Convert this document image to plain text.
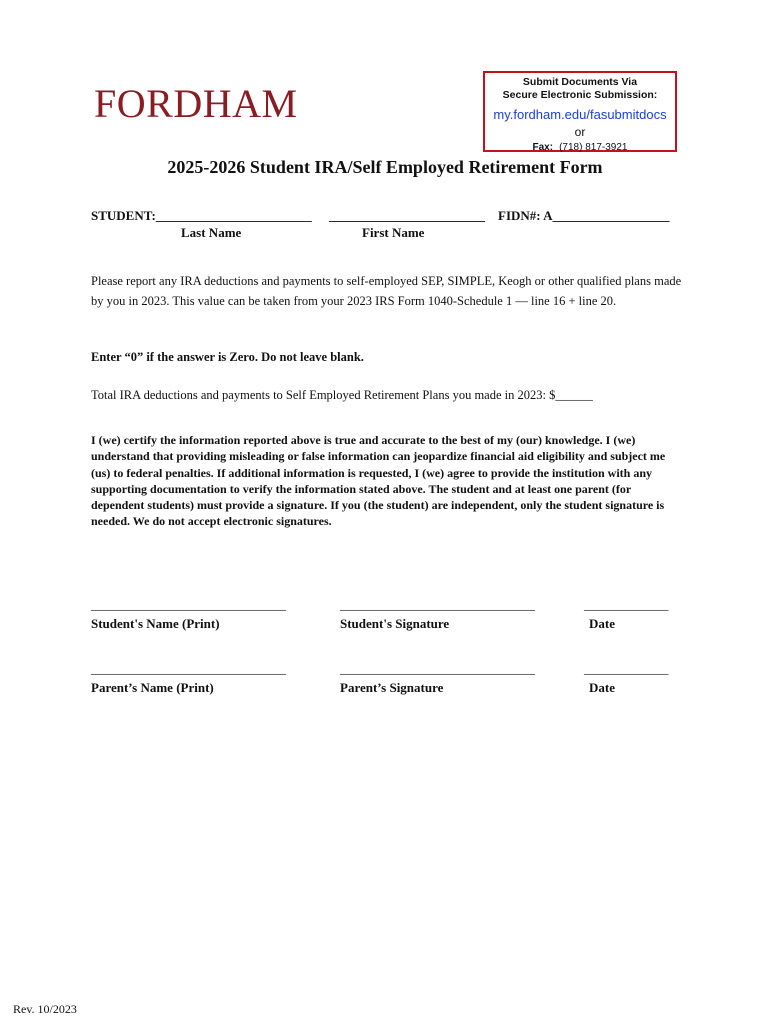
FORDHAM	Submit Documents Via
Secure Electronic Submission:
my.fordham.edu/fasubmitdocs
or
Fax: (718) 817-3921
2025-2026 Student IRA/Self Employed Retirement Form
STUDENT:________________________ ________________________ FIDN#: A__________________
Last Name	First Name
Please report any IRA deductions and payments to self-employed SEP, SIMPLE, Keogh or other qualified plans made
by you in 2023. This value can be taken from your 2023 IRS Form 1040-Schedule 1 — line 16 + line 20.
Enter “0” if the answer is Zero. Do not leave blank.
Total IRA deductions and payments to Self Employed Retirement Plans you made in 2023: $______
I (we) certify the information reported above is true and accurate to the best of my (our) knowledge. I (we) understand that providing misleading or false information can jeopardize financial aid eligibility and subject me (us) to federal penalties. If additional information is requested, I (we) agree to provide the institution with any supporting documentation to verify the information stated above. The student and at least one parent (for dependent students) must provide a signature. If you (the student) are independent, only the student signature is needed. We do not accept electronic signatures.
______________________________	______________________________	_____________
Student's Name (Print)	Student's Signature	Date
______________________________	______________________________	_____________
Parent’s Name (Print)	Parent’s Signature	Date
Rev. 10/2023
